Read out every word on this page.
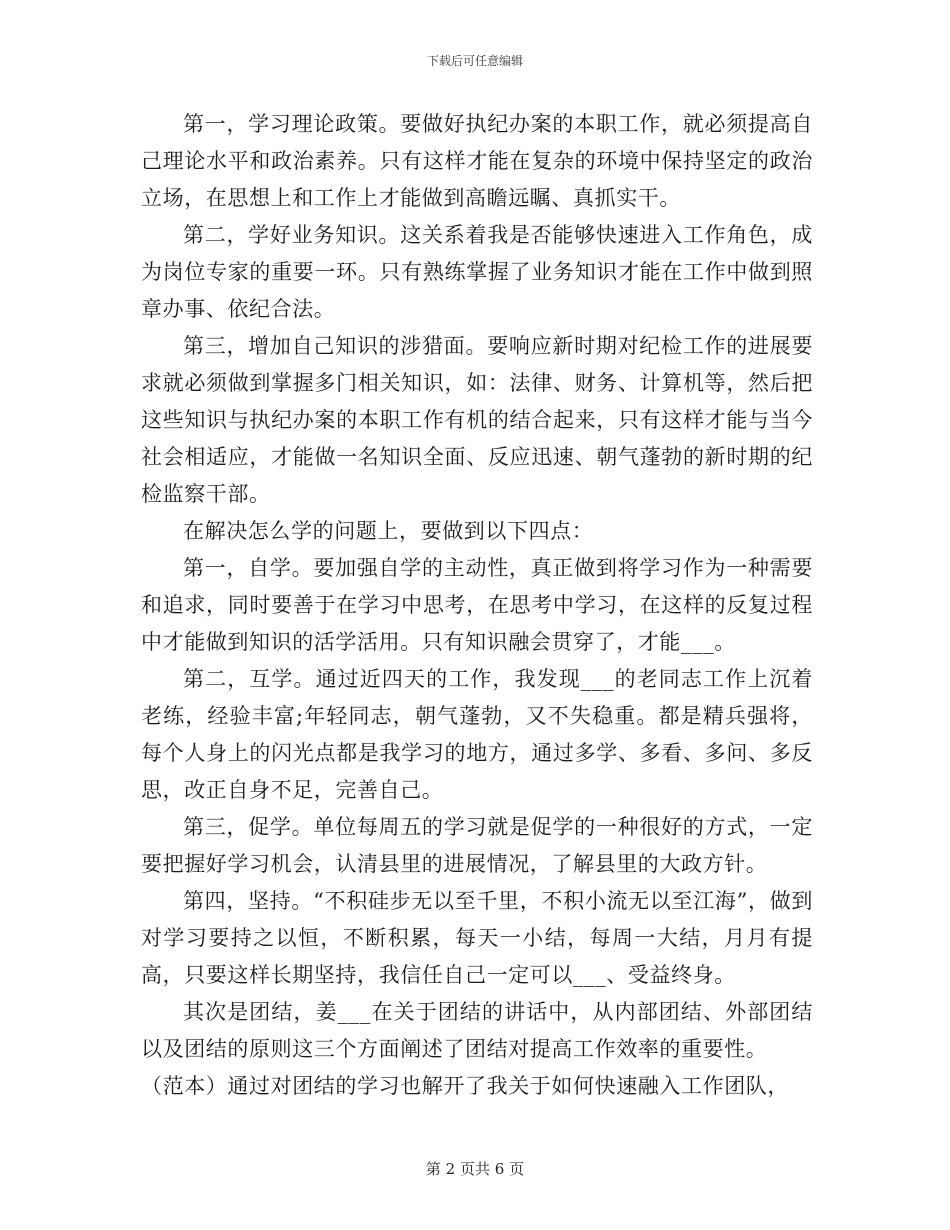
下载后可任意编辑

第一，学习理论政策。要做好执纪办案的本职工作，就必须提高自己理论水平和政治素养。只有这样才能在复杂的环境中保持坚定的政治立场，在思想上和工作上才能做到高瞻远瞩、真抓实干。

第二，学好业务知识。这关系着我是否能够快速进入工作角色，成为岗位专家的重要一环。只有熟练掌握了业务知识才能在工作中做到照章办事、依纪合法。

第三，增加自己知识的涉猎面。要响应新时期对纪检工作的进展要求就必须做到掌握多门相关知识，如：法律、财务、计算机等，然后把这些知识与执纪办案的本职工作有机的结合起来，只有这样才能与当今社会相适应，才能做一名知识全面、反应迅速、朝气蓬勃的新时期的纪检监察干部。

在解决怎么学的问题上，要做到以下四点：

第一，自学。要加强自学的主动性，真正做到将学习作为一种需要和追求，同时要善于在学习中思考，在思考中学习，在这样的反复过程中才能做到知识的活学活用。只有知识融会贯穿了，才能___。

第二，互学。通过近四天的工作，我发现___的老同志工作上沉着老练，经验丰富;年轻同志，朝气蓬勃，又不失稳重。都是精兵强将，每个人身上的闪光点都是我学习的地方，通过多学、多看、多问、多反思，改正自身不足，完善自己。

第三，促学。单位每周五的学习就是促学的一种很好的方式，一定要把握好学习机会，认清县里的进展情况，了解县里的大政方针。

第四，坚持。“不积硅步无以至千里，不积小流无以至江海”，做到对学习要持之以恒，不断积累，每天一小结，每周一大结，月月有提高，只要这样长期坚持，我信任自己一定可以___、受益终身。

其次是团结，姜___在关于团结的讲话中，从内部团结、外部团结以及团结的原则这三个方面阐述了团结对提高工作效率的重要性。

（范本）通过对团结的学习也解开了我关于如何快速融入工作团队，

第 2 页共 6 页
